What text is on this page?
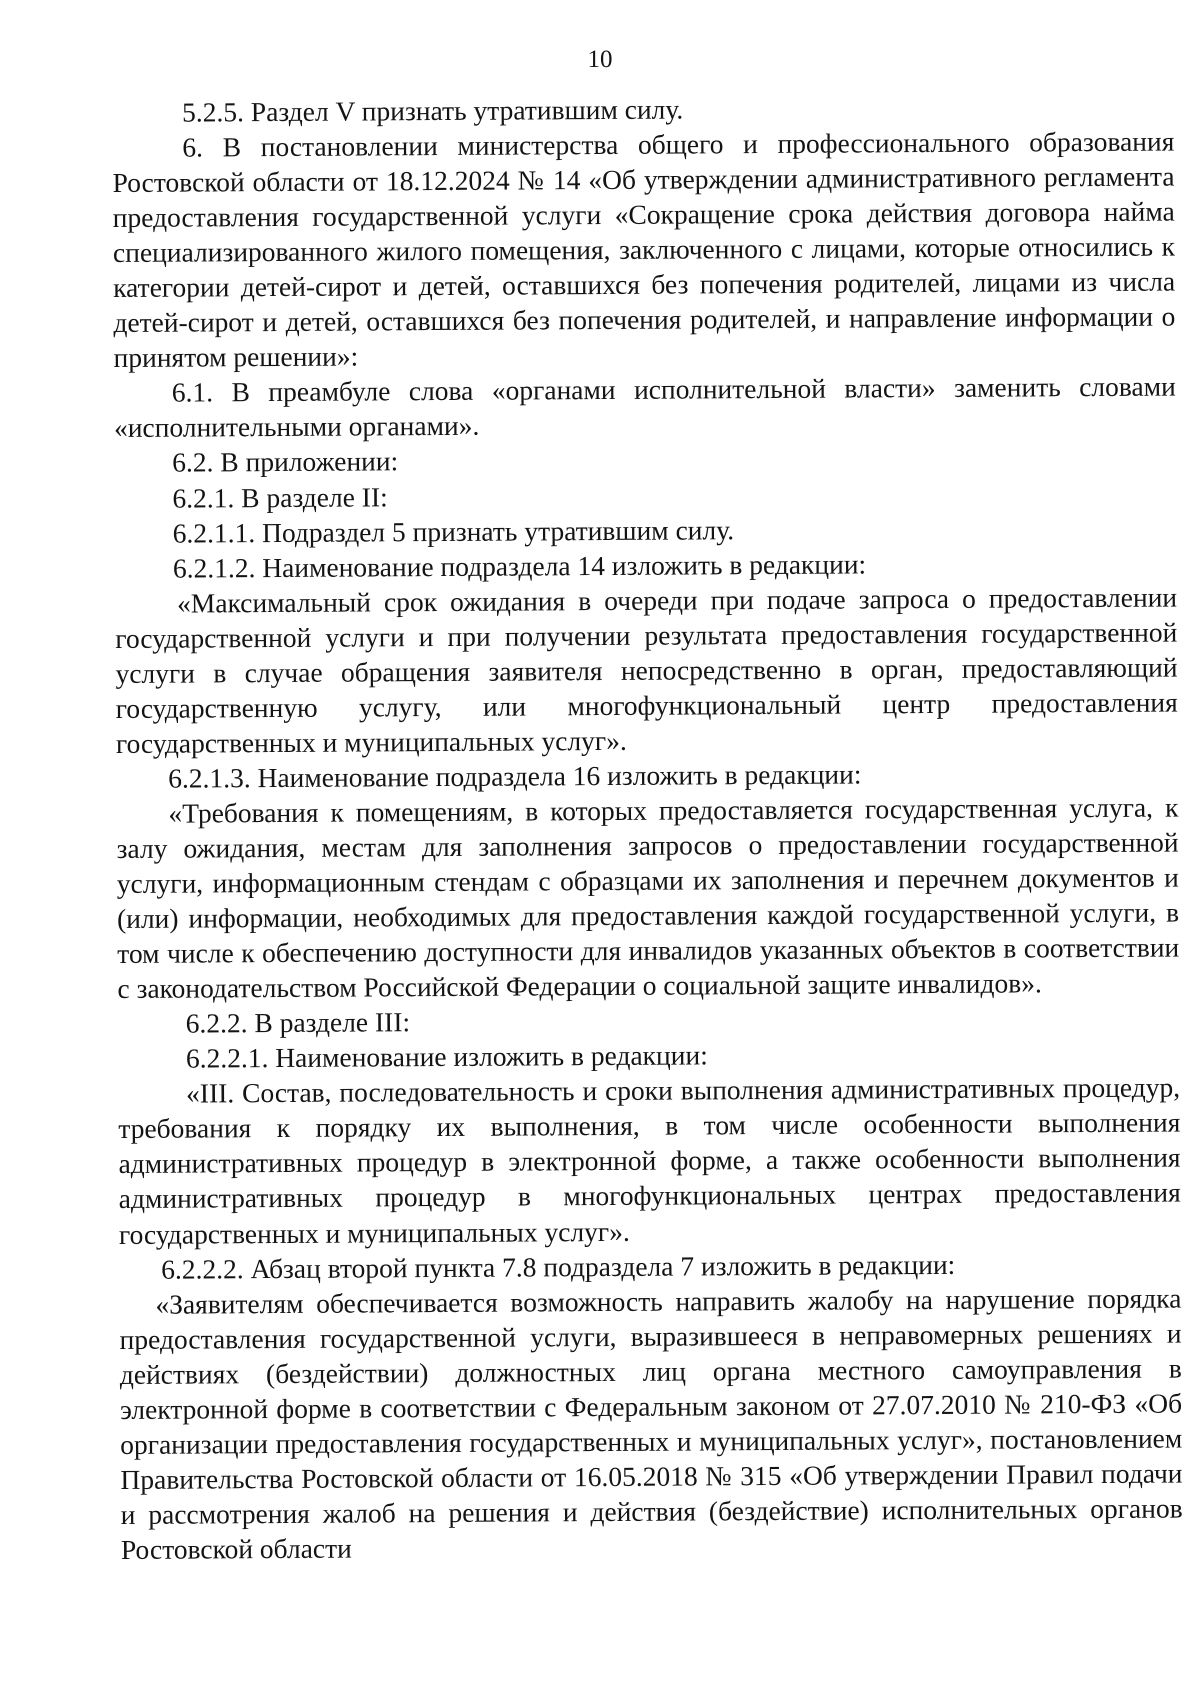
10

5.2.5. Раздел V признать утратившим силу.

6. В постановлении министерства общего и профессионального образования Ростовской области от 18.12.2024 № 14 «Об утверждении административного регламента предоставления государственной услуги «Сокращение срока действия договора найма специализированного жилого помещения, заключенного с лицами, которые относились к категории детей-сирот и детей, оставшихся без попечения родителей, лицами из числа детей-сирот и детей, оставшихся без попечения родителей, и направление информации о принятом решении»:

6.1. В преамбуле слова «органами исполнительной власти» заменить словами «исполнительными органами».

6.2. В приложении:

6.2.1. В разделе II:

6.2.1.1. Подраздел 5 признать утратившим силу.

6.2.1.2. Наименование подраздела 14 изложить в редакции:

«Максимальный срок ожидания в очереди при подаче запроса о предоставлении государственной услуги и при получении результата предоставления государственной услуги в случае обращения заявителя непосредственно в орган, предоставляющий государственную услугу, или многофункциональный центр предоставления государственных и муниципальных услуг».

6.2.1.3. Наименование подраздела 16 изложить в редакции:

«Требования к помещениям, в которых предоставляется государственная услуга, к залу ожидания, местам для заполнения запросов о предоставлении государственной услуги, информационным стендам с образцами их заполнения и перечнем документов и (или) информации, необходимых для предоставления каждой государственной услуги, в том числе к обеспечению доступности для инвалидов указанных объектов в соответствии с законодательством Российской Федерации о социальной защите инвалидов».

6.2.2. В разделе III:

6.2.2.1. Наименование изложить в редакции:

«III. Состав, последовательность и сроки выполнения административных процедур, требования к порядку их выполнения, в том числе особенности выполнения административных процедур в электронной форме, а также особенности выполнения административных процедур в многофункциональных центрах предоставления государственных и муниципальных услуг».

6.2.2.2. Абзац второй пункта 7.8 подраздела 7 изложить в редакции:

«Заявителям обеспечивается возможность направить жалобу на нарушение порядка предоставления государственной услуги, выразившееся в неправомерных решениях и действиях (бездействии) должностных лиц органа местного самоуправления в электронной форме в соответствии с Федеральным законом от 27.07.2010 № 210-ФЗ «Об организации предоставления государственных и муниципальных услуг», постановлением Правительства Ростовской области от 16.05.2018 № 315 «Об утверждении Правил подачи и рассмотрения жалоб на решения и действия (бездействие) исполнительных органов Ростовской области
